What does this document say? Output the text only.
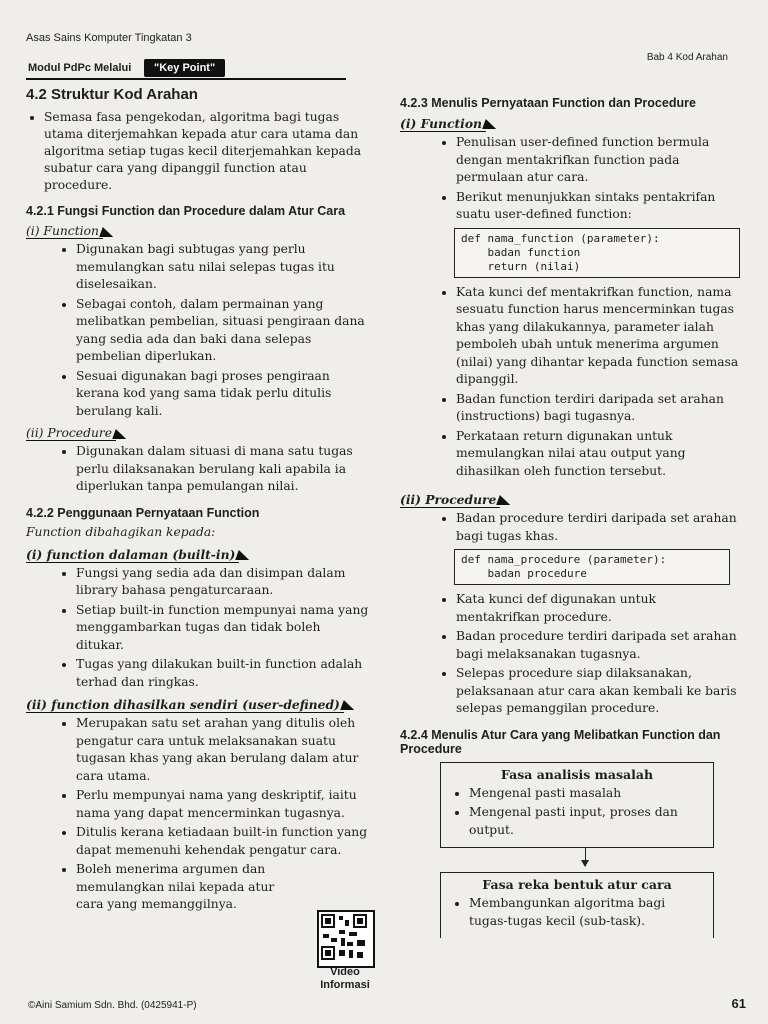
Asas Sains Komputer Tingkatan 3
Bab 4 Kod Arahan
Modul PdPc Melalui	"Key Point"
4.2 Struktur Kod Arahan
• Semasa fasa pengekodan, algoritma bagi tugas utama diterjemahkan kepada atur cara utama dan algoritma setiap tugas kecil diterjemahkan kepada subatur cara yang dipanggil function atau procedure.
4.2.1 Fungsi Function dan Procedure dalam Atur Cara
(i) Function
• Digunakan bagi subtugas yang perlu memulangkan satu nilai selepas tugas itu diselesaikan.
• Sebagai contoh, dalam permainan yang melibatkan pembelian, situasi pengiraan dana yang sedia ada dan baki dana selepas pembelian diperlukan.
• Sesuai digunakan bagi proses pengiraan kerana kod yang sama tidak perlu ditulis berulang kali.
(ii) Procedure
• Digunakan dalam situasi di mana satu tugas perlu dilaksanakan berulang kali apabila ia diperlukan tanpa pemulangan nilai.
4.2.2 Penggunaan Pernyataan Function
Function dibahagikan kepada:
(i) function dalaman (built-in)
• Fungsi yang sedia ada dan disimpan dalam library bahasa pengaturcaraan.
• Setiap built-in function mempunyai nama yang menggambarkan tugas dan tidak boleh ditukar.
• Tugas yang dilakukan built-in function adalah terhad dan ringkas.
(ii) function dihasilkan sendiri (user-defined)
• Merupakan satu set arahan yang ditulis oleh pengatur cara untuk melaksanakan suatu tugasan khas yang akan berulang dalam atur cara utama.
• Perlu mempunyai nama yang deskriptif, iaitu nama yang dapat mencerminkan tugasnya.
• Ditulis kerana ketiadaan built-in function yang dapat memenuhi kehendak pengatur cara.
• Boleh menerima argumen dan memulangkan nilai kepada atur cara yang memanggilnya.
Video Informasi
4.2.3 Menulis Pernyataan Function dan Procedure
(i) Function
• Penulisan user-defined function bermula dengan mentakrifkan function pada permulaan atur cara.
• Berikut menunjukkan sintaks pentakrifan suatu user-defined function:
def nama_function (parameter):
badan function
return (nilai)
• Kata kunci def mentakrifkan function, nama sesuatu function harus mencerminkan tugas khas yang dilakukannya, parameter ialah pemboleh ubah untuk menerima argumen (nilai) yang dihantar kepada function semasa dipanggil.
• Badan function terdiri daripada set arahan (instructions) bagi tugasnya.
• Perkataan return digunakan untuk memulangkan nilai atau output yang dihasilkan oleh function tersebut.
(ii) Procedure
• Badan procedure terdiri daripada set arahan bagi tugas khas.
def nama_procedure (parameter):
badan procedure
• Kata kunci def digunakan untuk mentakrifkan procedure.
• Badan procedure terdiri daripada set arahan bagi melaksanakan tugasnya.
• Selepas procedure siap dilaksanakan, pelaksanaan atur cara akan kembali ke baris selepas pemanggilan procedure.
4.2.4 Menulis Atur Cara yang Melibatkan Function dan Procedure
Fasa analisis masalah
• Mengenal pasti masalah
• Mengenal pasti input, proses dan output.
Fasa reka bentuk atur cara
• Membangunkan algoritma bagi tugas-tugas kecil (sub-task).
©Aini Samium Sdn. Bhd. (0425941-P)	61
